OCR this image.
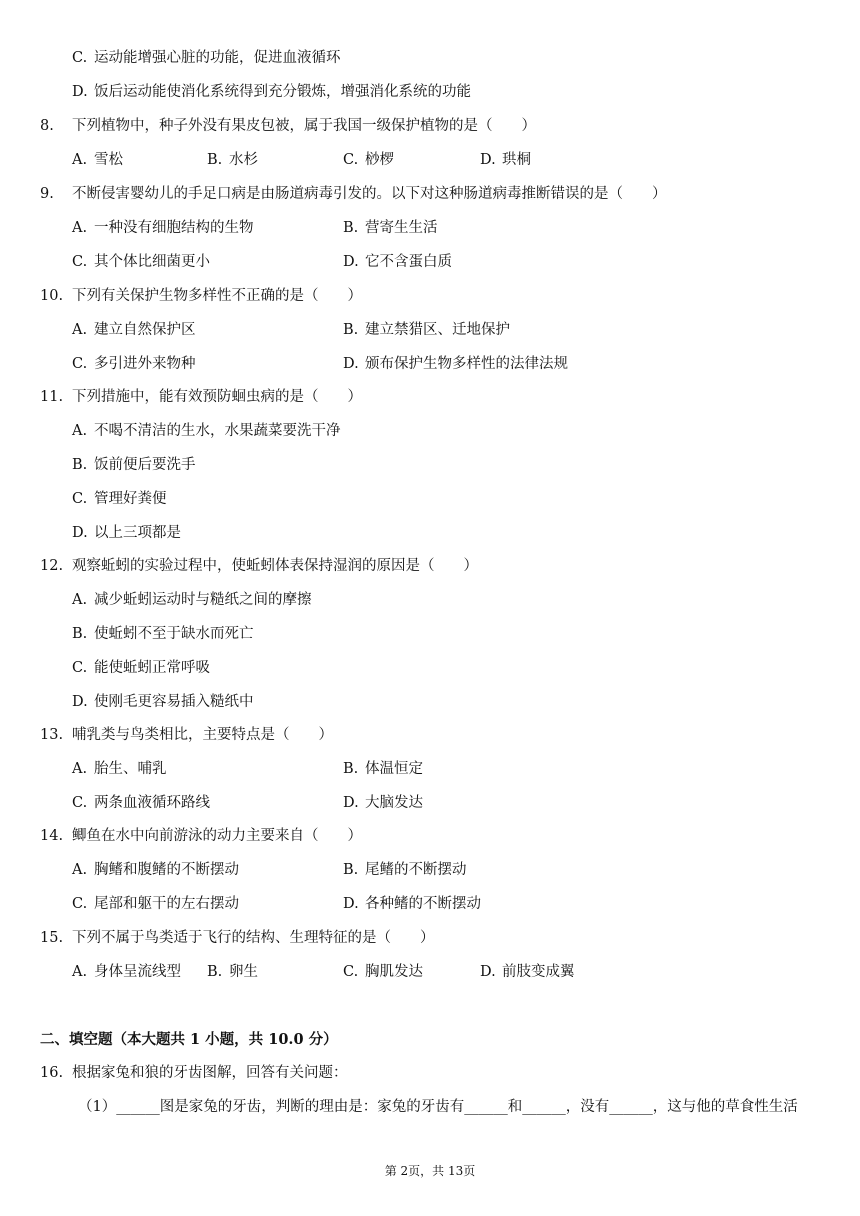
C. 运动能增强心脏的功能，促进血液循环
D. 饭后运动能使消化系统得到充分锻炼，增强消化系统的功能
8. 下列植物中，种子外没有果皮包被，属于我国一级保护植物的是（　　）
A. 雪松	B. 水杉	C. 桫椤	D. 珙桐
9. 不断侵害婴幼儿的手足口病是由肠道病毒引发的。以下对这种肠道病毒推断错误的是（　　）
A. 一种没有细胞结构的生物	B. 营寄生生活
C. 其个体比细菌更小	D. 它不含蛋白质
10. 下列有关保护生物多样性不正确的是（　　）
A. 建立自然保护区	B. 建立禁猎区、迁地保护
C. 多引进外来物种	D. 颁布保护生物多样性的法律法规
11. 下列措施中，能有效预防蛔虫病的是（　　）
A. 不喝不清洁的生水，水果蔬菜要洗干净
B. 饭前便后要洗手
C. 管理好粪便
D. 以上三项都是
12. 观察蚯蚓的实验过程中，使蚯蚓体表保持湿润的原因是（　　）
A. 减少蚯蚓运动时与糙纸之间的摩擦
B. 使蚯蚓不至于缺水而死亡
C. 能使蚯蚓正常呼吸
D. 使刚毛更容易插入糙纸中
13. 哺乳类与鸟类相比，主要特点是（　　）
A. 胎生、哺乳	B. 体温恒定
C. 两条血液循环路线	D. 大脑发达
14. 鲫鱼在水中向前游泳的动力主要来自（　　）
A. 胸鳍和腹鳍的不断摆动	B. 尾鳍的不断摆动
C. 尾部和躯干的左右摆动	D. 各种鳍的不断摆动
15. 下列不属于鸟类适于飞行的结构、生理特征的是（　　）
A. 身体呈流线型 B. 卵生	C. 胸肌发达	D. 前肢变成翼
二、填空题（本大题共 1 小题，共 10.0 分）
16. 根据家兔和狼的牙齿图解，回答有关问题：
（1）______图是家兔的牙齿，判断的理由是：家兔的牙齿有______和______，没有______，这与他的草食性生活
第 2页，共 13页
